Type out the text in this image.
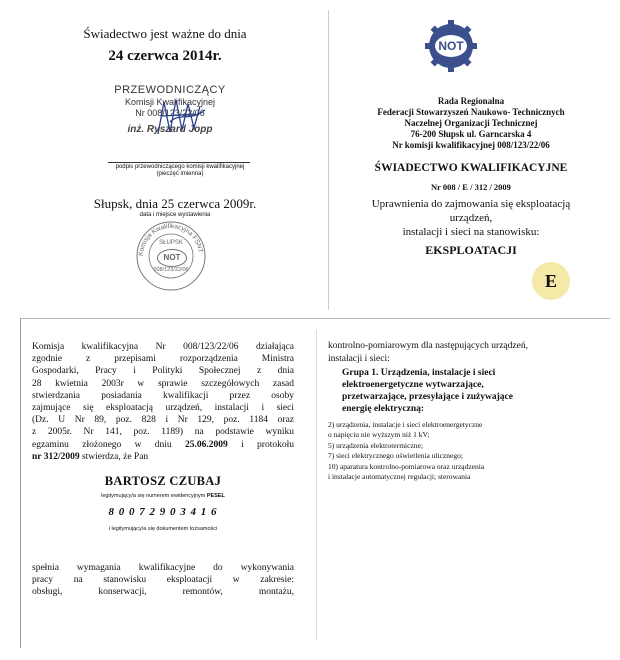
Świadectwo jest ważne do dnia
24 czerwca 2014r.
PRZEWODNICZĄCY
Komisji Kwalifikacyjnej
Nr 008/123/22/06
inż. Ryszard Jopp
podpis przewodniczącego komisji kwalifikacyjnej
(pieczęć imienna)
Słupsk, dnia 25 czerwca 2009r.
data i miejsce wystawienia
Komisja Kwalifikacyjna FSNT
SŁUPSK
NOT
008/123/22/06
NOT
Rada Regionalna
Federacji Stowarzyszeń Naukowo- Technicznych
Naczelnej Organizacji Technicznej
76-200 Słupsk ul. Garncarska 4
Nr komisji kwalifikacyjnej 008/123/22/06
ŚWIADECTWO KWALIFIKACYJNE
Nr 008 / E / 312 / 2009
Uprawnienia do zajmowania się eksploatacją
urządzeń,
instalacji i sieci na stanowisku:
EKSPLOATACJI
E
Komisja kwalifikacyjna Nr 008/123/22/06 działająca
zgodnie z przepisami rozporządzenia Ministra
Gospodarki, Pracy i Polityki Społecznej z dnia
28 kwietnia 2003r w sprawie szczegółowych zasad
stwierdzania posiadania kwalifikacji przez osoby
zajmujące się eksploatacją urządzeń, instalacji i sieci
(Dz. U Nr 89, poz. 828 i Nr 129, poz. 1184 oraz
z 2005r. Nr 141, poz. 1189) na podstawie wyniku
egzaminu złożonego w dniu 25.06.2009 i protokołu
nr 312/2009 stwierdza, że Pan
BARTOSZ CZUBAJ
legitymujący/a się numerem ewidencyjnym PESEL
8 0 0 7 2 9 0 3 4 1 6
i legitymujący/a się dokumentem tożsamości
spełnia wymagania kwalifikacyjne do wykonywania
pracy na stanowisku eksploatacji w zakresie:
obsługi, konserwacji, remontów, montażu,
kontrolno-pomiarowym dla następujących urządzeń,
instalacji i sieci:
Grupa 1. Urządzenia, instalacje i sieci
elektroenergetyczne wytwarzające,
przetwarzające, przesyłające i zużywające
energię elektryczną:
2) urządzenia, instalacje i sieci elektroenergetyczne
o napięciu nie wyższym niż 1 kV;
5) urządzenia elektrotermiczne;
7) sieci elektrycznego oświetlenia ulicznego;
10) aparatura kontrolno-pomiarowa oraz urządzenia
i instalacje automatycznej regulacji; sterowania
